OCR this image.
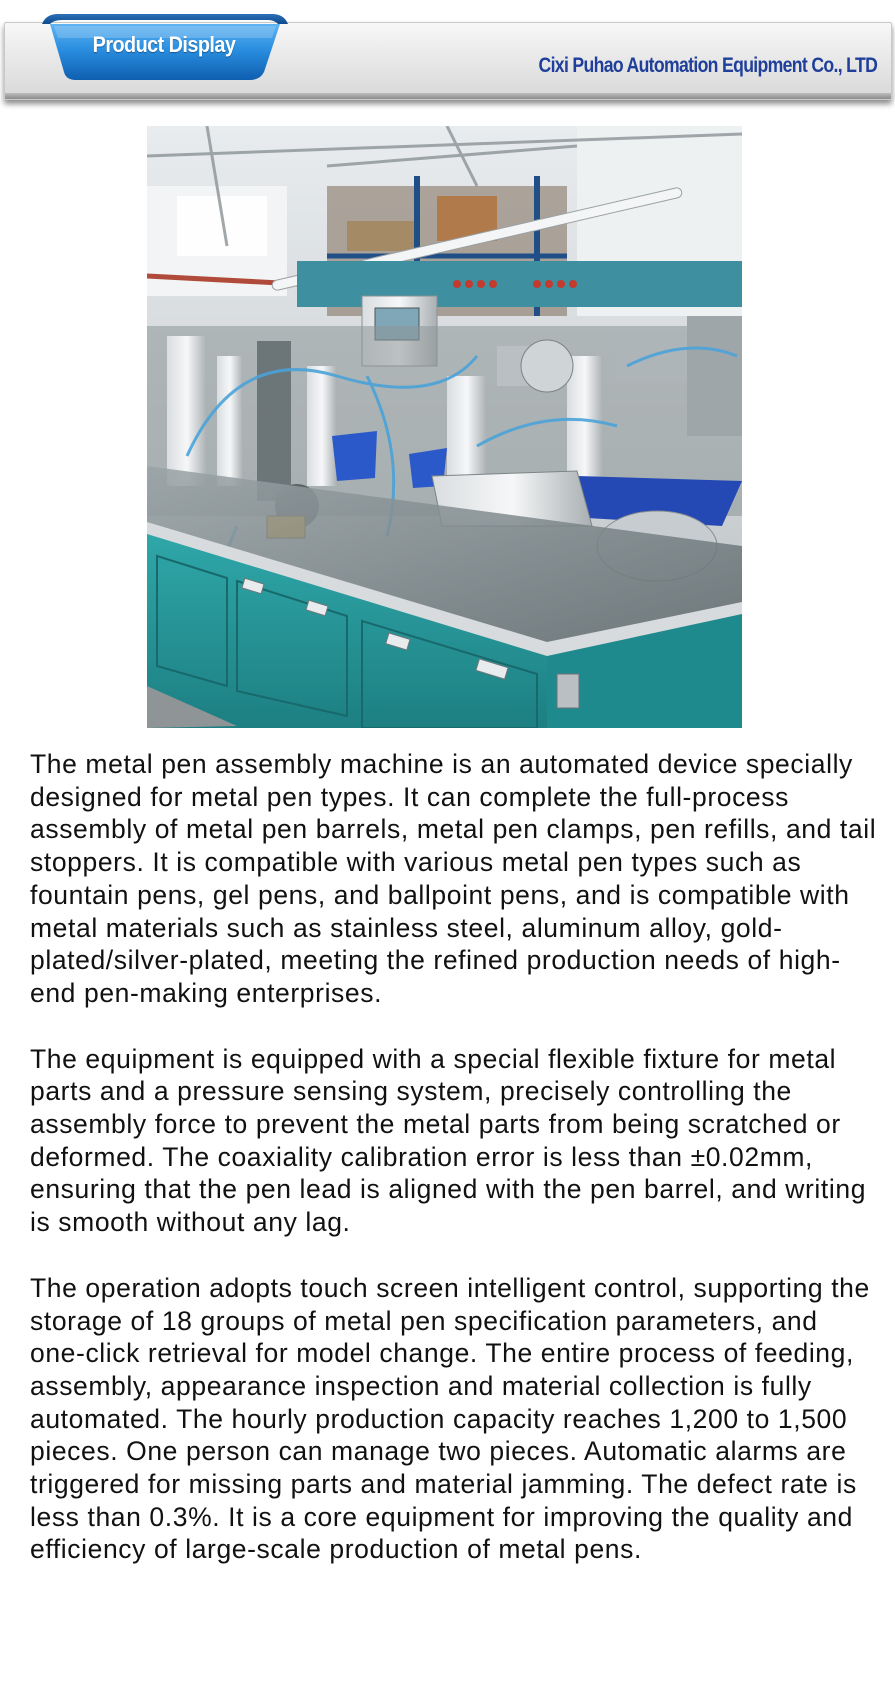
Cixi Puhao Automation Equipment Co., LTD
Product Display

The metal pen assembly machine is an automated device specially designed for metal pen types. It can complete the full-process assembly of metal pen barrels, metal pen clamps, pen refills, and tail stoppers. It is compatible with various metal pen types such as fountain pens, gel pens, and ballpoint pens, and is compatible with metal materials such as stainless steel, aluminum alloy, gold-plated/silver-plated, meeting the refined production needs of high-end pen-making enterprises.

The equipment is equipped with a special flexible fixture for metal parts and a pressure sensing system, precisely controlling the assembly force to prevent the metal parts from being scratched or deformed. The coaxiality calibration error is less than ±0.02mm, ensuring that the pen lead is aligned with the pen barrel, and writing is smooth without any lag.

The operation adopts touch screen intelligent control, supporting the storage of 18 groups of metal pen specification parameters, and one-click retrieval for model change. The entire process of feeding, assembly, appearance inspection and material collection is fully automated. The hourly production capacity reaches 1,200 to 1,500 pieces. One person can manage two pieces. Automatic alarms are triggered for missing parts and material jamming. The defect rate is less than 0.3%. It is a core equipment for improving the quality and efficiency of large-scale production of metal pens.
